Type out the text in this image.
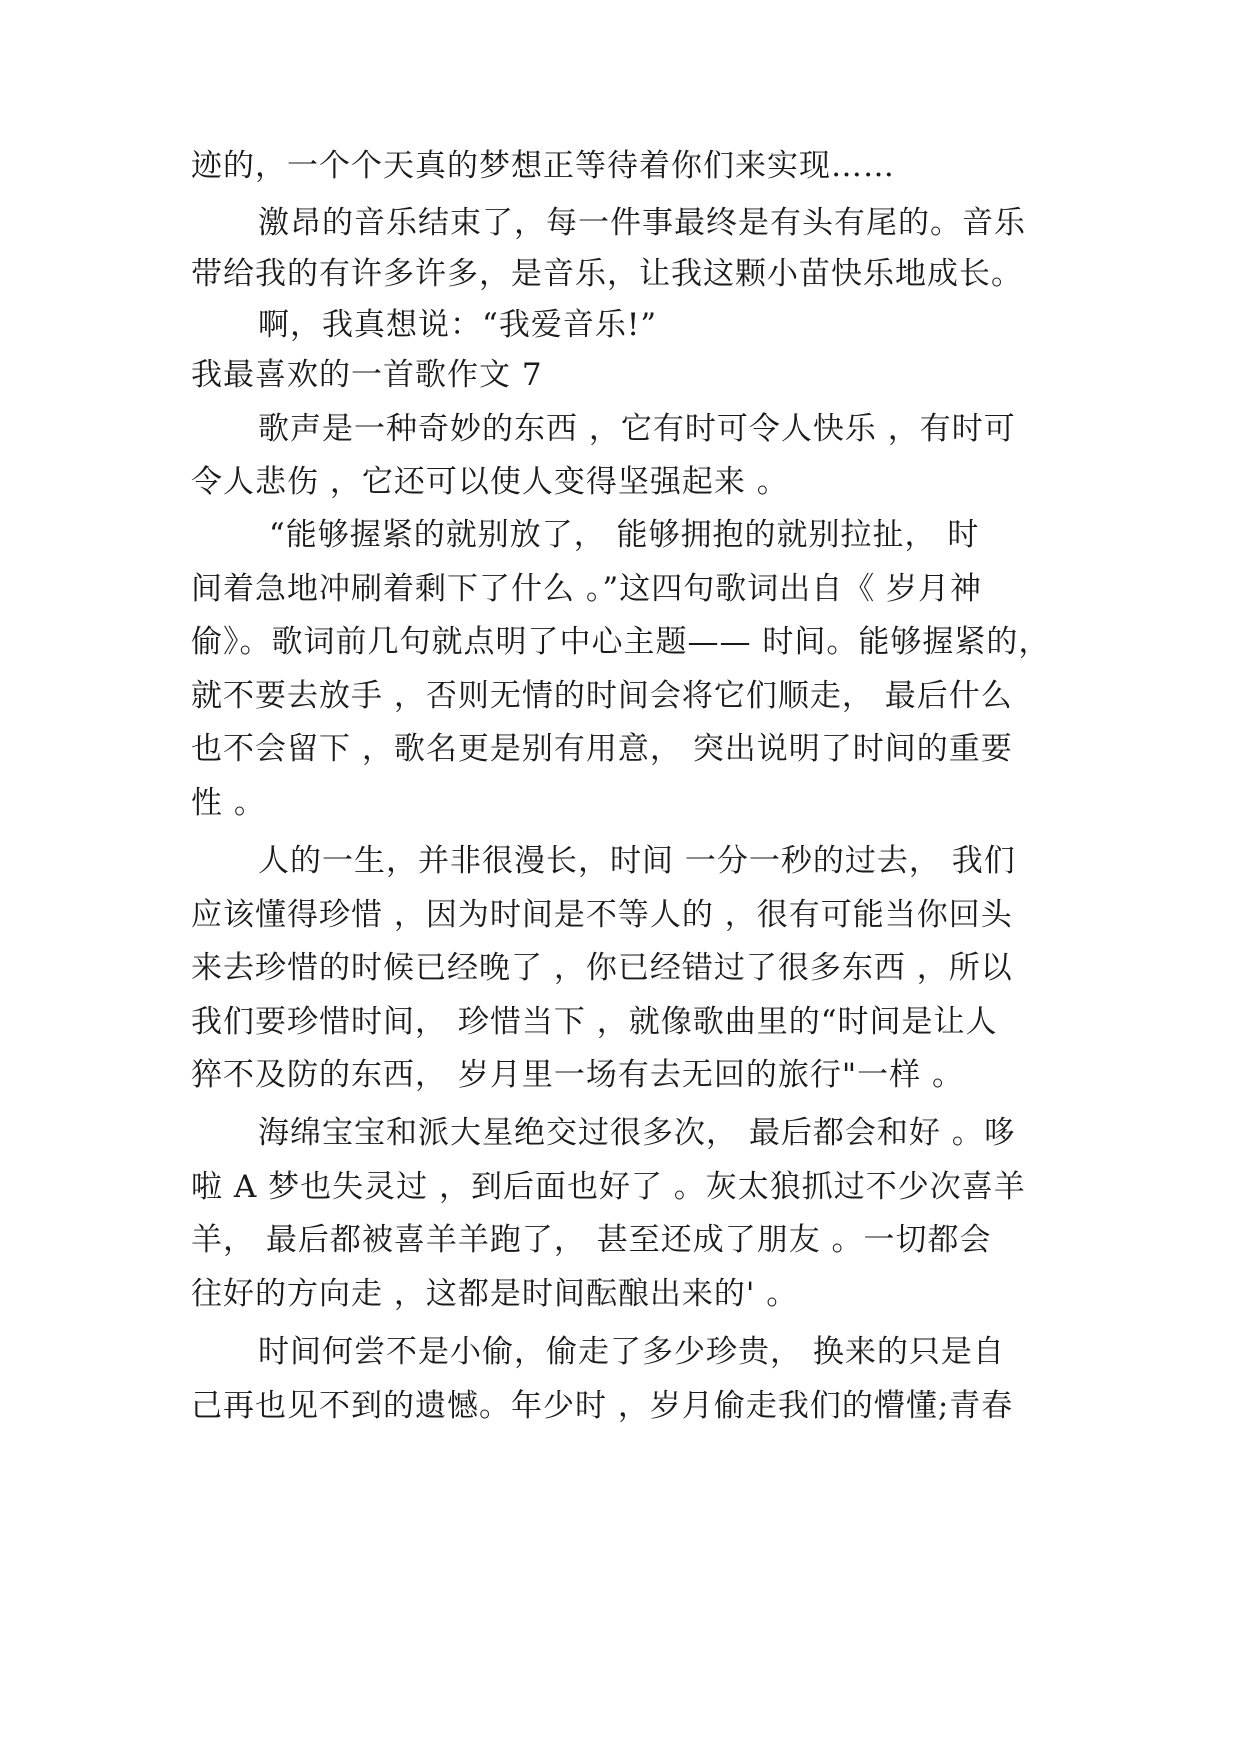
迹的，一个个天真的梦想正等待着你们来实现……
激昂的音乐结束了，每一件事最终是有头有尾的。音乐
带给我的有许多许多，是音乐，让我这颗小苗快乐地成长。
啊，我真想说：“我爱音乐!”
我最喜欢的一首歌作文 7
歌声是一种奇妙的东西 ，它有时可令人快乐 ，有时可
令人悲伤 ，它还可以使人变得坚强起来 。
“能够握紧的就别放了， 能够拥抱的就别拉扯， 时
间着急地冲刷着剩下了什么 。”这四句歌词出自《 岁月神
偷》。歌词前几句就点明了中心主题—— 时间。能够握紧的，
就不要去放手 ，否则无情的时间会将它们顺走， 最后什么
也不会留下 ，歌名更是别有用意， 突出说明了时间的重要
性 。
人的一生，并非很漫长，时间 一分一秒的过去， 我们
应该懂得珍惜 ，因为时间是不等人的 ，很有可能当你回头
来去珍惜的时候已经晚了 ，你已经错过了很多东西 ，所以
我们要珍惜时间， 珍惜当下 ，就像歌曲里的“时间是让人
猝不及防的东西， 岁月里一场有去无回的旅行"一样 。
海绵宝宝和派大星绝交过很多次， 最后都会和好 。哆
啦 A 梦也失灵过 ，到后面也好了 。灰太狼抓过不少次喜羊
羊， 最后都被喜羊羊跑了， 甚至还成了朋友 。一切都会
往好的方向走 ，这都是时间酝酿出来的' 。
时间何尝不是小偷，偷走了多少珍贵， 换来的只是自
己再也见不到的遗憾。年少时 ，岁月偷走我们的懵懂;青春
